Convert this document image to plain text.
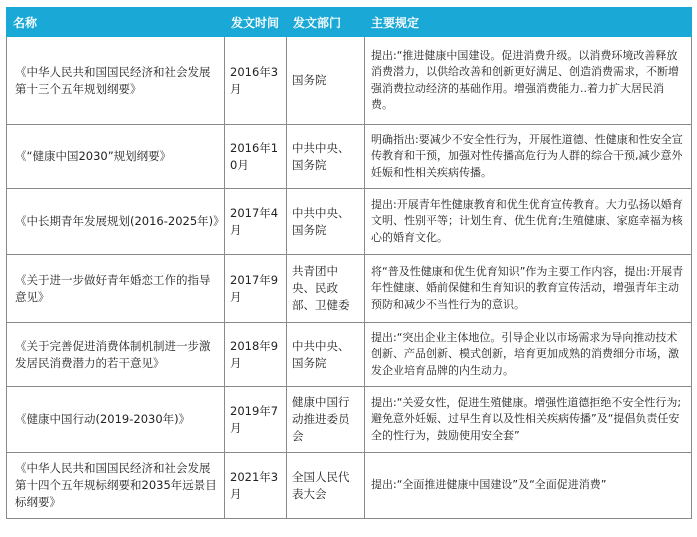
名称	发文时间	发文部门	主要规定
《中华人民共和国国民经济和社会发展第十三个五年规划纲要》	2016年3月	国务院	提出:“推进健康中国建设。促进消费升级。以消费环境改善释放消费潜力，以供给改善和创新更好满足、创造消费需求，不断增强消费拉动经济的基础作用。增强消费能力..着力扩大居民消费。
《“健康中国2030”规划纲要》	2016年10月	中共中央、国务院	明确指出:要减少不安全性行为，开展性道德、性健康和性安全宣传教育和干预，加强对性传播高危行为人群的综合干预,减少意外妊娠和性相关疾病传播。
《中长期青年发展规划(2016-2025年)》	2017年4月	中共中央、国务院	提出:开展青年性健康教育和优生优育宣传教育。大力弘扬以婚育文明、性别平等；计划生育、优生优育;生殖健康、家庭幸福为核心的婚育文化。
《关于进一步做好青年婚恋工作的指导意见》	2017年9月	共青团中央、民政部、卫健委	将“普及性健康和优生优育知识”作为主要工作内容，提出:开展青年性健康、婚前保健和生育知识的教育宣传活动，增强青年主动预防和减少不当性行为的意识。
《关于完善促进消费体制机制进一步激发居民消费潜力的若干意见》	2018年9月	中共中央、国务院	提出:“突出企业主体地位。引导企业以市场需求为导向推动技术创新、产品创新、模式创新，培育更加成熟的消费细分市场，激发企业培育品牌的内生动力。
《健康中国行动(2019-2030年)》	2019年7月	健康中国行动推进委员会	提出:“关爱女性，促进生殖健康。增强性道德拒绝不安全性行为;避免意外妊娠、过早生育以及性相关疾病传播”及“提倡负责任安全的性行为，鼓励使用安全套”
《中华人民共和国国民经济和社会发展第十四个五年规标纲要和2035年远景目标纲要》	2021年3月	全国人民代表大会	提出:“全面推进健康中国建设”及“全面促进消费”
